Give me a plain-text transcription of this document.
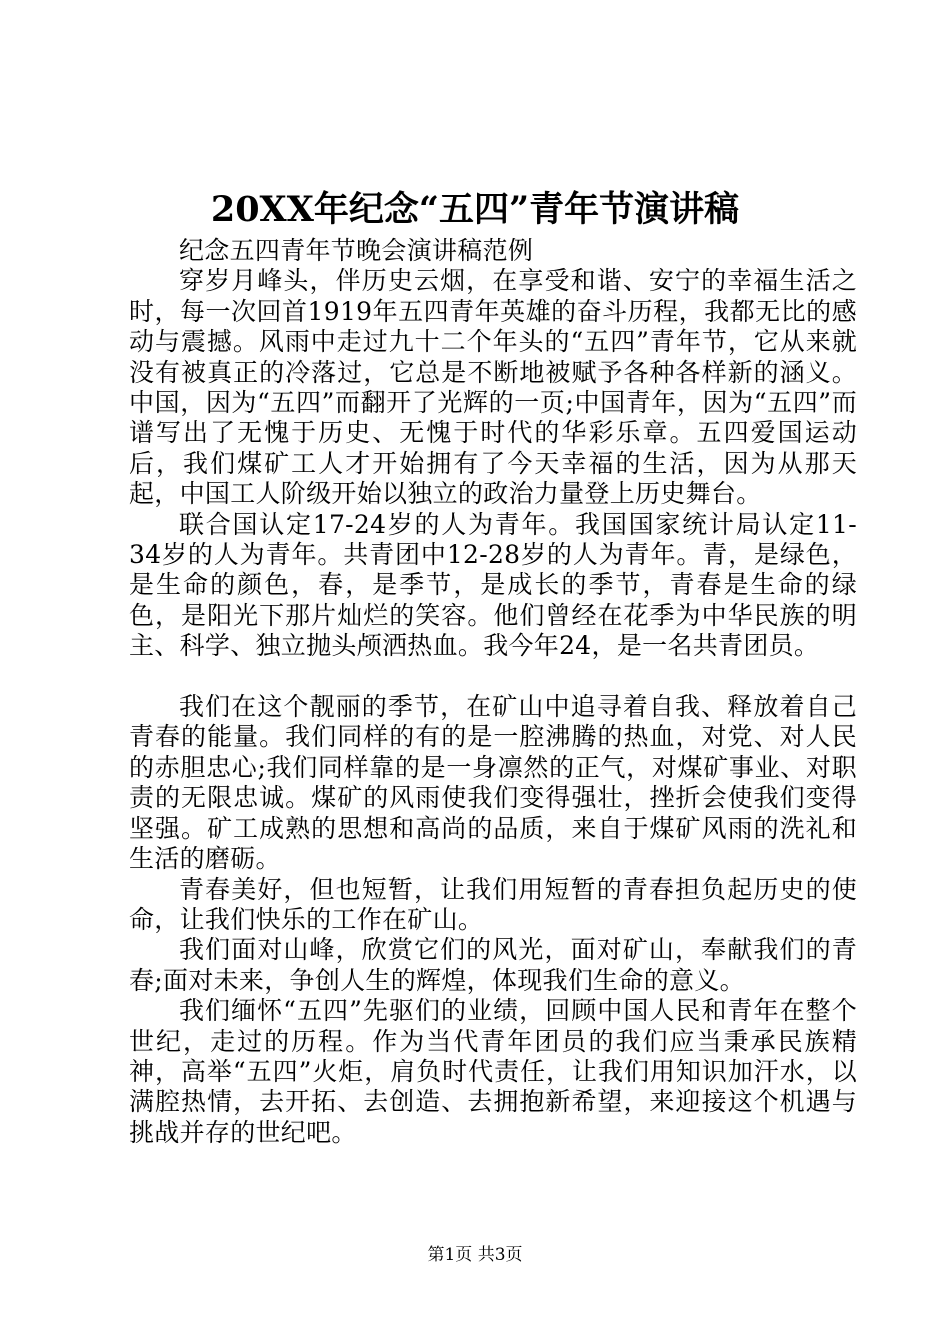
20XX年纪念“五四”青年节演讲稿

纪念五四青年节晚会演讲稿范例

穿岁月峰头，伴历史云烟，在享受和谐、安宁的幸福生活之时，每一次回首1919年五四青年英雄的奋斗历程，我都无比的感动与震撼。风雨中走过九十二个年头的“五四”青年节，它从来就没有被真正的冷落过，它总是不断地被赋予各种各样新的涵义。中国，因为“五四”而翻开了光辉的一页;中国青年，因为“五四”而谱写出了无愧于历史、无愧于时代的华彩乐章。五四爱国运动后，我们煤矿工人才开始拥有了今天幸福的生活，因为从那天起，中国工人阶级开始以独立的政治力量登上历史舞台。

联合国认定17-24岁的人为青年。我国国家统计局认定11-34岁的人为青年。共青团中12-28岁的人为青年。青，是绿色，是生命的颜色，春，是季节，是成长的季节，青春是生命的绿色，是阳光下那片灿烂的笑容。他们曾经在花季为中华民族的明主、科学、独立抛头颅洒热血。我今年24，是一名共青团员。

我们在这个靓丽的季节，在矿山中追寻着自我、释放着自己青春的能量。我们同样的有的是一腔沸腾的热血，对党、对人民的赤胆忠心;我们同样靠的是一身凛然的正气，对煤矿事业、对职责的无限忠诚。煤矿的风雨使我们变得强壮，挫折会使我们变得坚强。矿工成熟的思想和高尚的品质，来自于煤矿风雨的洗礼和生活的磨砺。

青春美好，但也短暂，让我们用短暂的青春担负起历史的使命，让我们快乐的工作在矿山。

我们面对山峰，欣赏它们的风光，面对矿山，奉献我们的青春;面对未来，争创人生的辉煌，体现我们生命的意义。

我们缅怀“五四”先驱们的业绩，回顾中国人民和青年在整个世纪，走过的历程。作为当代青年团员的我们应当秉承民族精神，高举“五四”火炬，肩负时代责任，让我们用知识加汗水，以满腔热情，去开拓、去创造、去拥抱新希望，来迎接这个机遇与挑战并存的世纪吧。

第1页 共3页
